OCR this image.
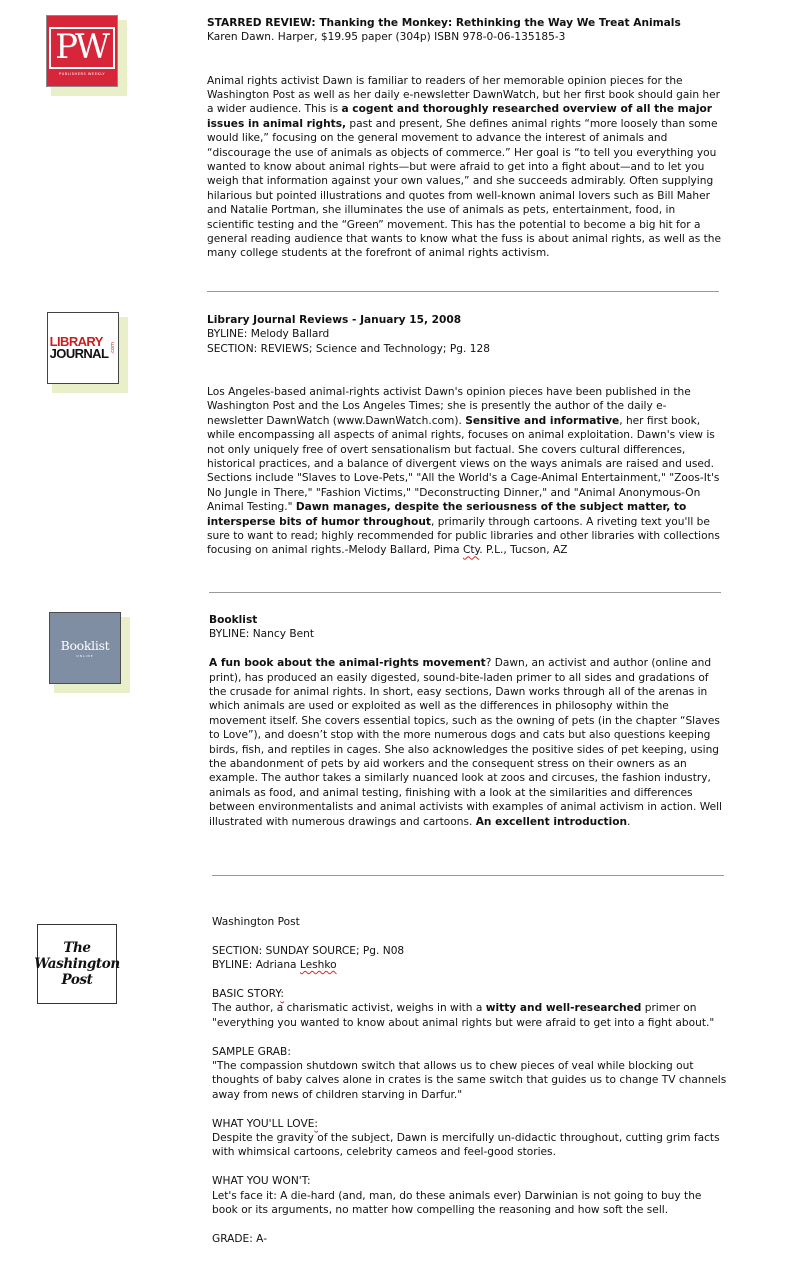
PW
PUBLISHERS WEEKLY

STARRED REVIEW: Thanking the Monkey: Rethinking the Way We Treat Animals

Karen Dawn. Harper, $19.95 paper (304p) ISBN 978-0-06-135185-3

Animal rights activist Dawn is familiar to readers of her memorable opinion pieces for the Washington Post as well as her daily e-newsletter DawnWatch, but her first book should gain her a wider audience. This is a cogent and thoroughly researched overview of all the major issues in animal rights, past and present, She defines animal rights “more loosely than some would like,” focusing on the general movement to advance the interest of animals and “discourage the use of animals as objects of commerce.” Her goal is “to tell you everything you wanted to know about animal rights—but were afraid to get into a fight about—and to let you weigh that information against your own values,” and she succeeds admirably. Often supplying hilarious but pointed illustrations and quotes from well-known animal lovers such as Bill Maher and Natalie Portman, she illuminates the use of animals as pets, entertainment, food, in scientific testing and the “Green” movement. This has the potential to become a big hit for a general reading audience that wants to know what the fuss is about animal rights, as well as the many college students at the forefront of animal rights activism.

LIBRARY
JOURNAL .com

Library Journal Reviews - January 15, 2008

BYLINE: Melody Ballard

SECTION: REVIEWS; Science and Technology; Pg. 128

Los Angeles-based animal-rights activist Dawn's opinion pieces have been published in the Washington Post and the Los Angeles Times; she is presently the author of the daily e-newsletter DawnWatch (www.DawnWatch.com). Sensitive and informative, her first book, while encompassing all aspects of animal rights, focuses on animal exploitation. Dawn's view is not only uniquely free of overt sensationalism but factual. She covers cultural differences, historical practices, and a balance of divergent views on the ways animals are raised and used. Sections include "Slaves to Love-Pets," "All the World's a Cage-Animal Entertainment," "Zoos-It's No Jungle in There," "Fashion Victims," "Deconstructing Dinner," and "Animal Anonymous-On Animal Testing." Dawn manages, despite the seriousness of the subject matter, to intersperse bits of humor throughout, primarily through cartoons. A riveting text you'll be sure to want to read; highly recommended for public libraries and other libraries with collections focusing on animal rights.-Melody Ballard, Pima Cty. P.L., Tucson, AZ

Booklist
ONLINE

Booklist

BYLINE: Nancy Bent

A fun book about the animal-rights movement? Dawn, an activist and author (online and print), has produced an easily digested, sound-bite-laden primer to all sides and gradations of the crusade for animal rights. In short, easy sections, Dawn works through all of the arenas in which animals are used or exploited as well as the differences in philosophy within the movement itself. She covers essential topics, such as the owning of pets (in the chapter “Slaves to Love”), and doesn’t stop with the more numerous dogs and cats but also questions keeping birds, fish, and reptiles in cages. She also acknowledges the positive sides of pet keeping, using the abandonment of pets by aid workers and the consequent stress on their owners as an example. The author takes a similarly nuanced look at zoos and circuses, the fashion industry, animals as food, and animal testing, finishing with a look at the similarities and differences between environmentalists and animal activists with examples of animal activism in action. Well illustrated with numerous drawings and cartoons. An excellent introduction.

The
Washington
Post

Washington Post

SECTION: SUNDAY SOURCE; Pg. N08

BYLINE: Adriana Leshko

BASIC STORY:

The author, a charismatic activist, weighs in with a witty and well-researched primer on "everything you wanted to know about animal rights but were afraid to get into a fight about."

SAMPLE GRAB:

"The compassion shutdown switch that allows us to chew pieces of veal while blocking out thoughts of baby calves alone in crates is the same switch that guides us to change TV channels away from news of children starving in Darfur."

WHAT YOU'LL LOVE:

Despite the gravity of the subject, Dawn is mercifully un-didactic throughout, cutting grim facts with whimsical cartoons, celebrity cameos and feel-good stories.

WHAT YOU WON'T:

Let's face it: A die-hard (and, man, do these animals ever) Darwinian is not going to buy the book or its arguments, no matter how compelling the reasoning and how soft the sell.

GRADE: A-
